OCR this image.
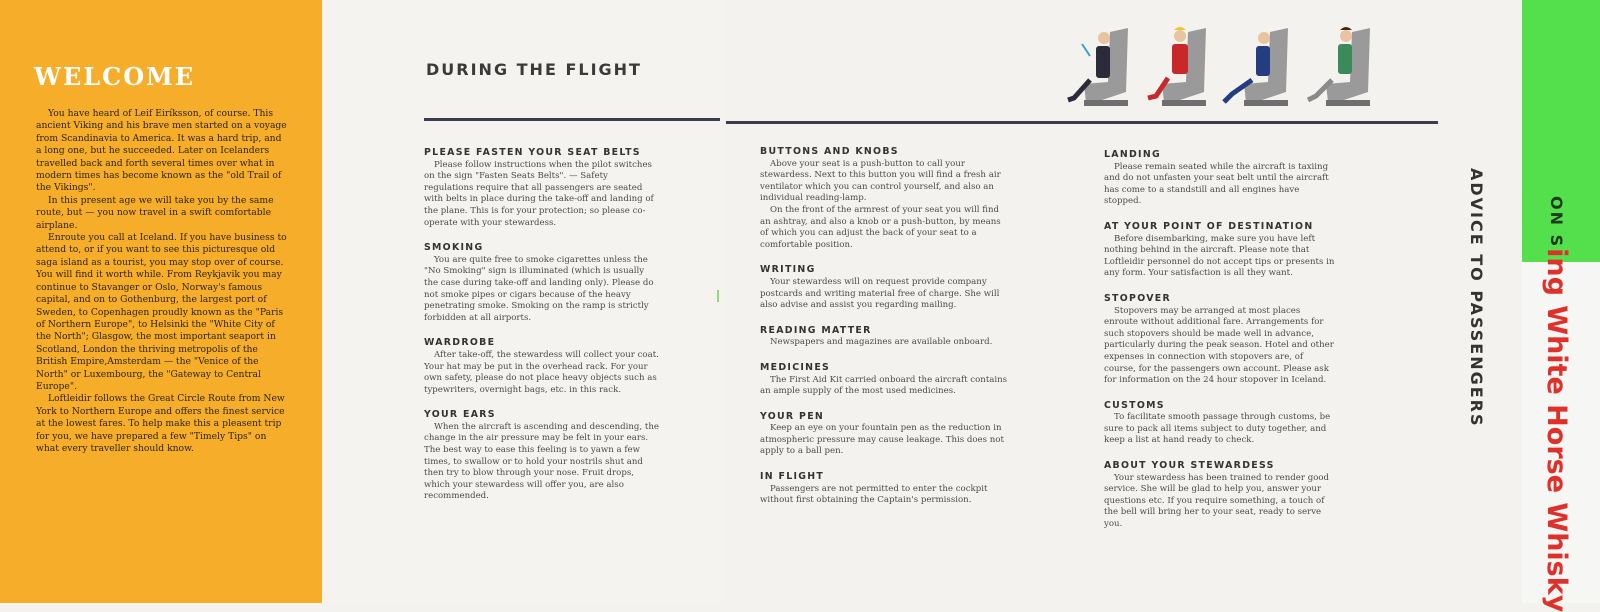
WELCOME

You have heard of Leif Eiríksson, of course. This ancient Viking and his brave men started on a voyage from Scandinavia to America. It was a hard trip, and a long one, but he succeeded. Later on Icelanders travelled back and forth several times over what in modern times has become known as the "old Trail of the Vikings".

In this present age we will take you by the same route, but — you now travel in a swift comfortable airplane.

Enroute you call at Iceland. If you have business to attend to, or if you want to see this picturesque old saga island as a tourist, you may stop over of course. You will find it worth while. From Reykjavik you may continue to Stavanger or Oslo, Norway's famous capital, and on to Gothenburg, the largest port of Sweden, to Copenhagen proudly known as the "Paris of Northern Europe", to Helsinki the "White City of the North"; Glasgow, the most important seaport in Scotland, London the thriving metropolis of the British Empire,Amsterdam — the "Venice of the North" or Luxembourg, the "Gateway to Central Europe".

Loftleidir follows the Great Circle Route from New York to Northern Europe and offers the finest service at the lowest fares. To help make this a pleasent trip for you, we have prepared a few "Timely Tips" on what every traveller should know.

DURING THE FLIGHT
PLEASE FASTEN YOUR SEAT BELTS

Please follow instructions when the pilot switches on the sign "Fasten Seats Belts". — Safety regulations require that all passengers are seated with belts in place during the take-off and landing of the plane. This is for your protection; so please co-operate with your stewardess.

SMOKING

You are quite free to smoke cigarettes unless the "No Smoking" sign is illuminated (which is usually the case during take-off and landing only). Please do not smoke pipes or cigars because of the heavy penetrating smoke. Smoking on the ramp is strictly forbidden at all airports.

WARDROBE

After take-off, the stewardess will collect your coat. Your hat may be put in the overhead rack. For your own safety, please do not place heavy objects such as typewriters, overnight bags, etc. in this rack.

YOUR EARS

When the aircraft is ascending and descending, the change in the air pressure may be felt in your ears. The best way to ease this feeling is to yawn a few times, to swallow or to hold your nostrils shut and then try to blow through your nose. Fruit drops, which your stewardess will offer you, are also recommended.

BUTTONS AND KNOBS

Above your seat is a push-button to call your stewardess. Next to this button you will find a fresh air ventilator which you can control yourself, and also an individual reading-lamp.

On the front of the armrest of your seat you will find an ashtray, and also a knob or a push-button, by means of which you can adjust the back of your seat to a comfortable position.

WRITING

Your stewardess will on request provide company postcards and writing material free of charge. She will also advise and assist you regarding mailing.

READING MATTER

Newspapers and magazines are available onboard.

MEDICINES

The First Aid Kit carried onboard the aircraft contains an ample supply of the most used medicines.

YOUR PEN

Keep an eye on your fountain pen as the reduction in atmospheric pressure may cause leakage. This does not apply to a ball pen.

IN FLIGHT

Passengers are not permitted to enter the cockpit without first obtaining the Captain's permission.

LANDING

Please remain seated while the aircraft is taxiing and do not unfasten your seat belt until the aircraft has come to a standstill and all engines have stopped.

AT YOUR POINT OF DESTINATION

Before disembarking, make sure you have left nothing behind in the aircraft. Please note that Loftleidir personnel do not accept tips or presents in any form. Your satisfaction is all they want.

STOPOVER

Stopovers may be arranged at most places enroute without additional fare. Arrangements for such stopovers should be made well in advance, particularly during the peak season. Hotel and other expenses in connection with stopovers are, of course, for the passengers own account. Please ask for information on the 24 hour stopover in Iceland.

CUSTOMS

To facilitate smooth passage through customs, be sure to pack all items subject to duty together, and keep a list at hand ready to check.

ABOUT YOUR STEWARDESS

Your stewardess has been trained to render good service. She will be glad to help you, answer your questions etc. If you require something, a touch of the bell will bring her to your seat, ready to serve you.

ADVICE TO PASSENGERS	ON Sing White Horse Whisky
